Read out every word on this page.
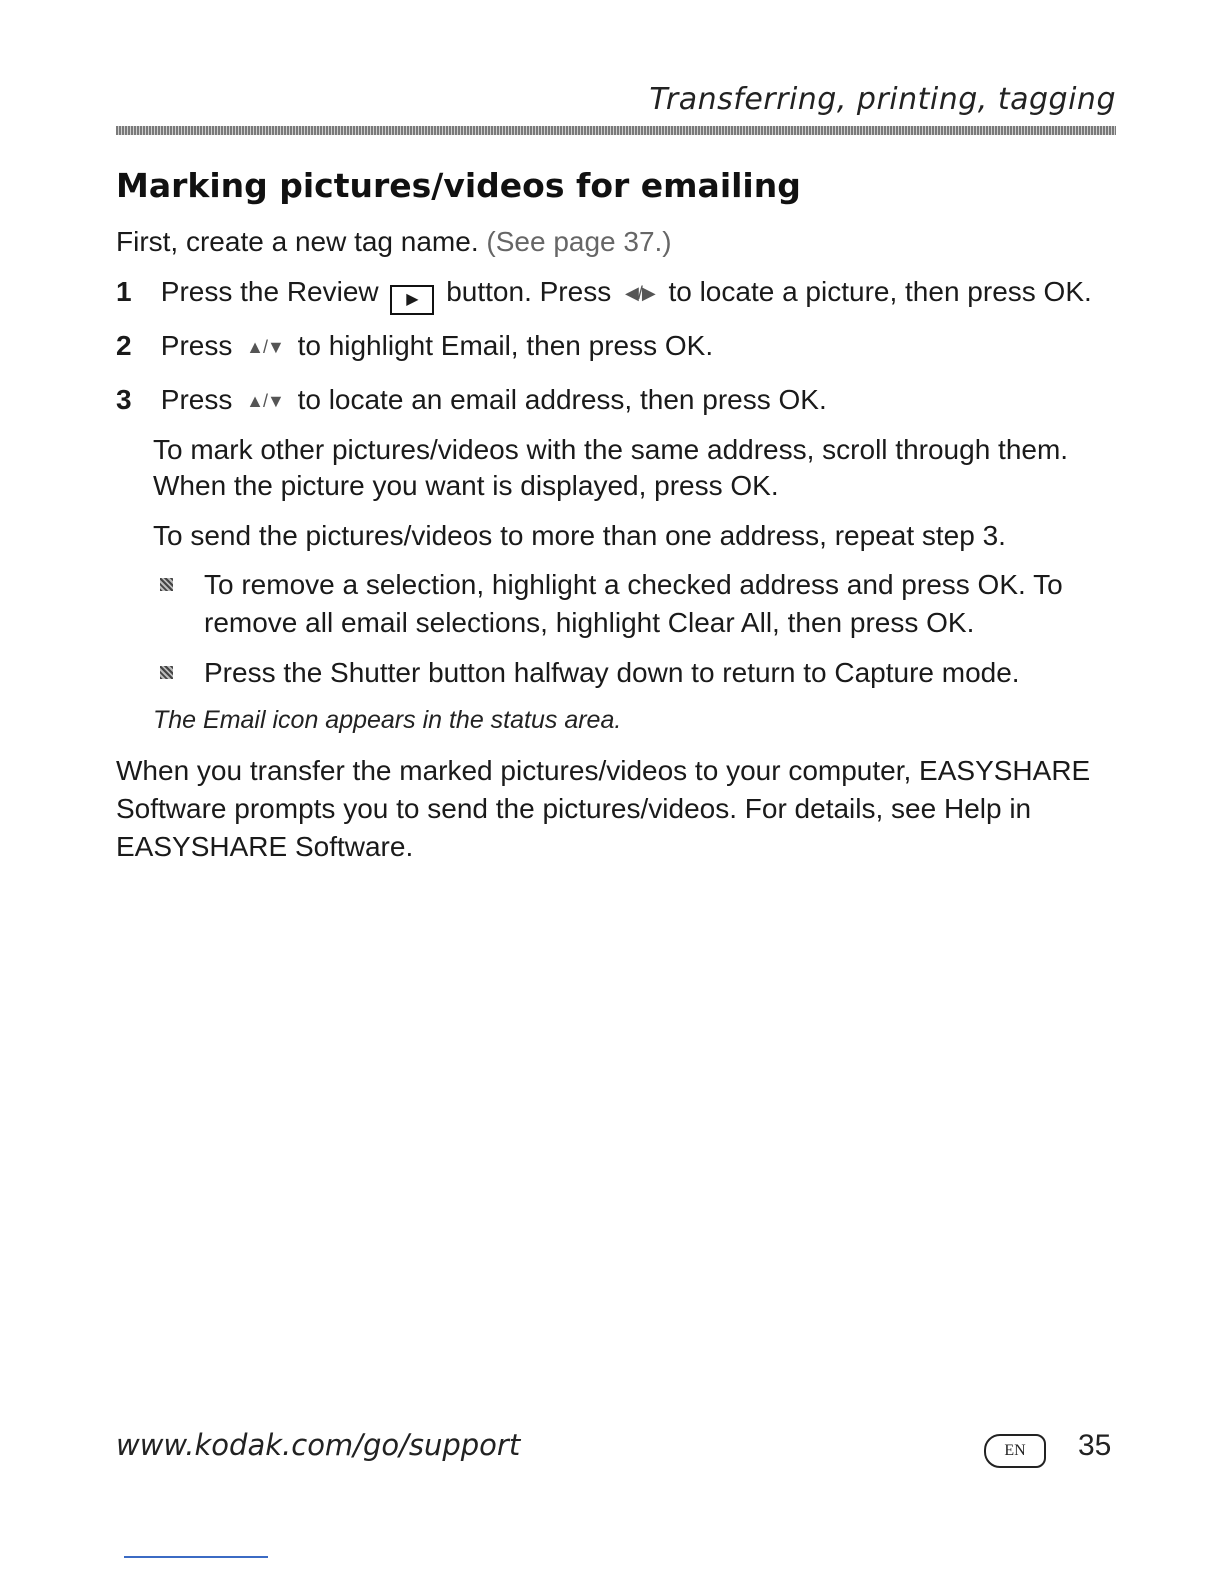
Transferring, printing, tagging
Marking pictures/videos for emailing
First, create a new tag name. (See page 37.)
1 Press the Review ▶ button. Press ◀/▶ to locate a picture, then press OK.
2 Press ▲/▼ to highlight Email, then press OK.
3 Press ▲/▼ to locate an email address, then press OK.
To mark other pictures/videos with the same address, scroll through them. When the picture you want is displayed, press OK.
To send the pictures/videos to more than one address, repeat step 3.
To remove a selection, highlight a checked address and press OK. To remove all email selections, highlight Clear All, then press OK.
Press the Shutter button halfway down to return to Capture mode.
The Email icon appears in the status area.
When you transfer the marked pictures/videos to your computer, EASYSHARE Software prompts you to send the pictures/videos. For details, see Help in EASYSHARE Software.
www.kodak.com/go/support	EN	35
